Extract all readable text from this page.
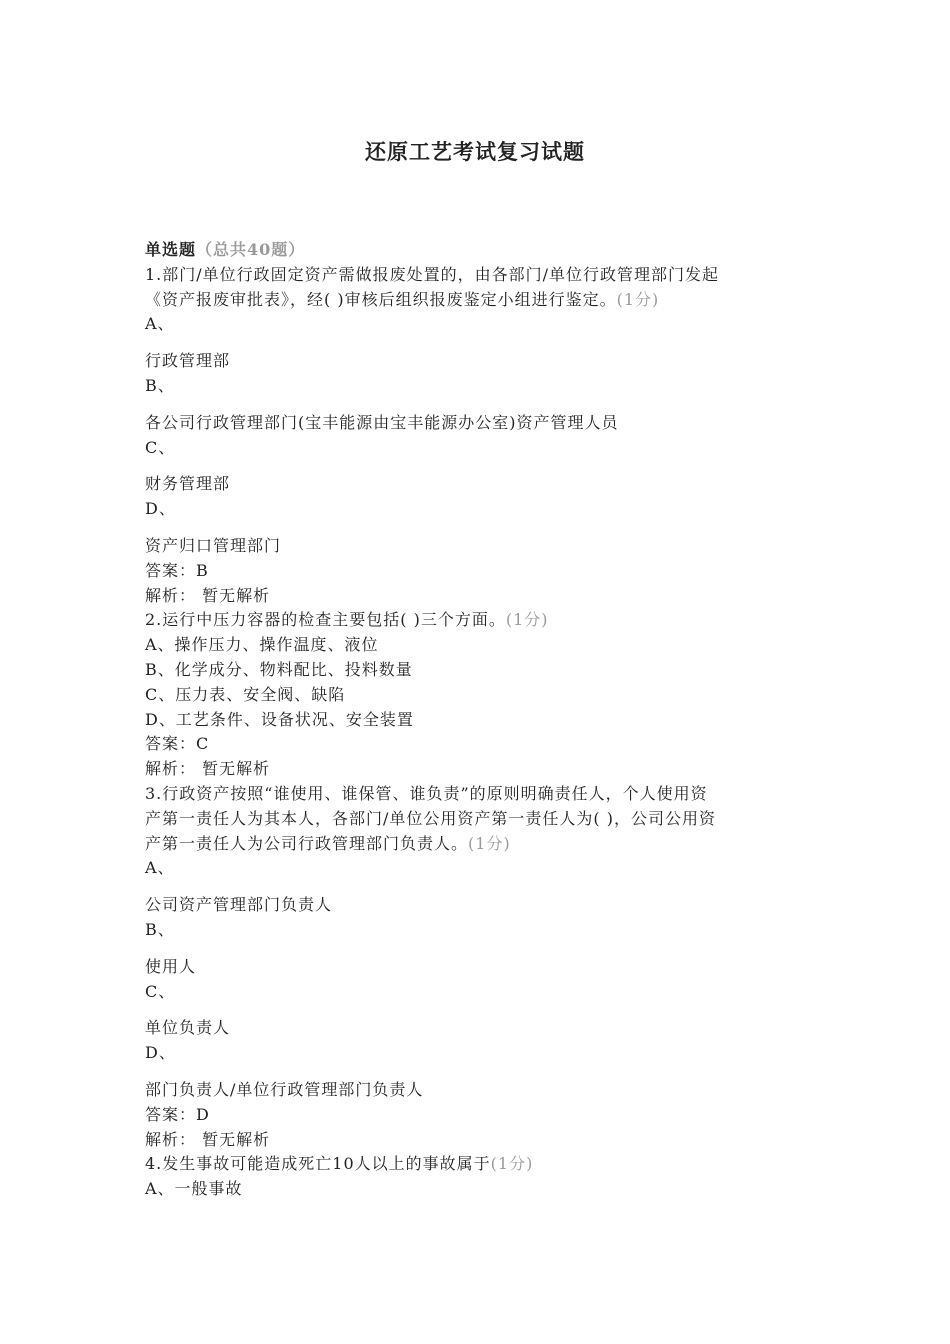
还原工艺考试复习试题
单选题（总共40题）
1.部门/单位行政固定资产需做报废处置的，由各部门/单位行政管理部门发起
《资产报废审批表》，经( )审核后组织报废鉴定小组进行鉴定。(1分)
A、
行政管理部
B、
各公司行政管理部门(宝丰能源由宝丰能源办公室)资产管理人员
C、
财务管理部
D、
资产归口管理部门
答案：B
解析： 暂无解析
2.运行中压力容器的检查主要包括( )三个方面。(1分)
A、操作压力、操作温度、液位
B、化学成分、物料配比、投料数量
C、压力表、安全阀、缺陷
D、工艺条件、设备状况、安全装置
答案：C
解析： 暂无解析
3.行政资产按照“谁使用、谁保管、谁负责”的原则明确责任人，个人使用资
产第一责任人为其本人，各部门/单位公用资产第一责任人为( )，公司公用资
产第一责任人为公司行政管理部门负责人。(1分)
A、
公司资产管理部门负责人
B、
使用人
C、
单位负责人
D、
部门负责人/单位行政管理部门负责人
答案：D
解析： 暂无解析
4.发生事故可能造成死亡10人以上的事故属于(1分)
A、一般事故
